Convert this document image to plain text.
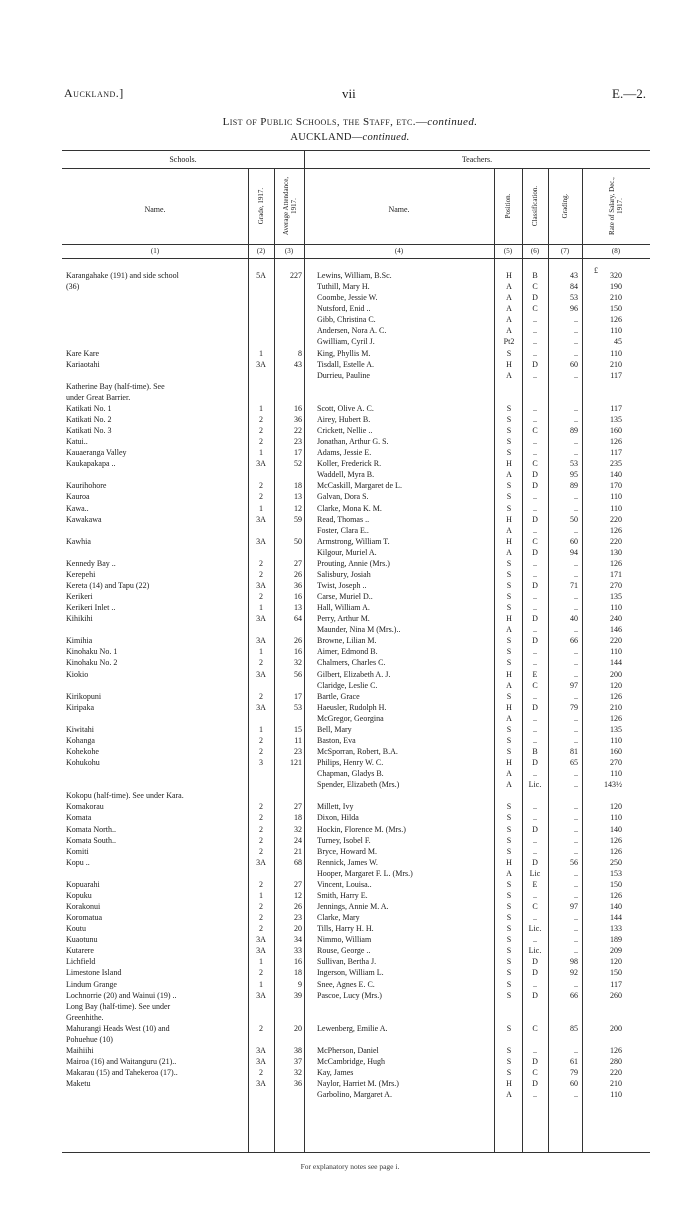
Auckland.]	vii	E.—2.
List of Public Schools, the Staff, etc.—continued.
AUCKLAND—continued.
Schools.	Teachers.
Name.	Grade, 1917. Average Attendance, 1917.	Name.	Position.	Classification.	Grading.	Rate of Salary, Dec., 1917.
(1)	(2)	(3)	(4)	(5)	(6)	(7)	(8)
Karangahake (191) and side school	5A	227 Lewins, William, B.Sc.	H	B	43	320
(36)	Tuthill, Mary H.	A	C	84	190
Coombe, Jessie W.	A	D	53	210
Nutsford, Enid ..	A	C	96	150
Gibb, Christina C.	A	..	..	126
Andersen, Nora A. C.	A	..	..	110
Gwilliam, Cyril J.	Pt2	..	..	45
Kare Kare	1	8 King, Phyllis M.	S	..	..	110
Kariaotahi	3A	43 Tisdall, Estelle A.	H	D	60	210
Durrieu, Pauline	A	..	..	117
Katherine Bay (half-time). See
under Great Barrier.
Katikati No. 1	1	16 Scott, Olive A. C.	S	..	..	117
Katikati No. 2	2	36 Airey, Hubert B.	S	..	..	135
Katikati No. 3	2	22 Crickett, Nellie ..	S	C	89	160
Katui..	2	23 Jonathan, Arthur G. S.	S	..	..	126
Kauaeranga Valley	1	17 Adams, Jessie E.	S	..	..	117
Kaukapakapa ..	3A	52 Koller, Frederick R.	H	C	53	235
Waddell, Myra B.	A	D	95	140
Kaurihohore	2	18 McCaskill, Margaret de L.	S	D	89	170
Kauroa	2	13 Galvan, Dora S.	S	..	..	110
Kawa..	1	12 Clarke, Mona K. M.	S	..	..	110
Kawakawa	3A	59 Read, Thomas ..	H	D	50	220
Foster, Clara E..	A	..	..	126
Kawhia	3A	50 Armstrong, William T.	H	C	60	220
Kilgour, Muriel A.	A	D	94	130
Kennedy Bay ..	2	27 Prouting, Annie (Mrs.)	S	..	..	126
Kerepehi	2	26 Salisbury, Josiah	S	..	..	171
Kereta (14) and Tapu (22)	3A	36 Twist, Joseph ..	S	D	71	270
Kerikeri	2	16 Carse, Muriel D..	S	..	..	135
Kerikeri Inlet ..	1	13 Hall, William A.	S	..	..	110
Kihikihi	3A	64 Perry, Arthur M.	H	D	40	240
Maunder, Nina M (Mrs.)..	A	..	..	146
Kimihia	3A	26 Browne, Lilian M.	S	D	66	220
Kinohaku No. 1	1	16 Aimer, Edmond B.	S	..	..	110
Kinohaku No. 2	2	32 Chalmers, Charles C.	S	..	..	144
Kiokio	3A	56 Gilbert, Elizabeth A. J.	H	E	..	200
Claridge, Leslie C.	A	C	97	120
Kirikopuni	2	17 Bartle, Grace	S	..	..	126
Kiripaka	3A	53 Haeusler, Rudolph H.	H	D	79	210
McGregor, Georgina	A	..	..	126
Kiwitahi	1	15 Bell, Mary	S	..	..	135
Kohanga	2	11 Baston, Eva	S	..	..	110
Kohekohe	2	23 McSporran, Robert, B.A.	S	B	81	160
Kohukohu	3	121 Philips, Henry W. C.	H	D	65	270
Chapman, Gladys B.	A	..	..	110
Spender, Elizabeth (Mrs.)	A	Lic.	..	143½
Kokopu (half-time). See under Kara.
Komakorau	2	27 Millett, Ivy	S	..	..	120
Komata	2	18 Dixon, Hilda	S	..	..	110
Komata North..	2	32 Hockin, Florence M. (Mrs.)	S	D	..	140
Komata South..	2	24 Turney, Isobel F.	S	..	..	126
Komiti	2	21 Bryce, Howard M.	S	..	..	126
Kopu ..	3A	68 Rennick, James W.	H	D	56	250
Hooper, Margaret F. L. (Mrs.)	A	Lic	..	153
Kopuarahi	2	27 Vincent, Louisa..	S	E	..	150
Kopuku	1	12 Smith, Harry E.	S	..	..	126
Korakonui	2	26 Jennings, Annie M. A.	S	C	97	140
Koromatua	2	23 Clarke, Mary	S	..	..	144
Koutu	2	20 Tills, Harry H. H.	S	Lic.	..	133
Kuaotunu	3A	34 Nimmo, William	S	..	..	189
Kutarere	3A	33 Rouse, George ..	S	Lic.	..	209
Lichfield	1	16 Sullivan, Bertha J.	S	D	98	120
Limestone Island	2	18 Ingerson, William L.	S	D	92	150
Lindum Grange	1	9 Snee, Agnes E. C.	S	..	..	117
Lochnorrie (20) and Wainui (19) ..	3A	39 Pascoe, Lucy (Mrs.)	S	D	66	260
Long Bay (half-time). See under
Greenhithe.
Mahurangi Heads West (10) and	2	20 Lewenberg, Emilie A.	S	C	85	200
Pohuehue (10)
Maihiihi	3A	38 McPherson, Daniel	S	..	..	126
Mairoa (16) and Waitanguru (21)..	3A	37 McCambridge, Hugh	S	D	61	280
Makarau (15) and Tahekeroa (17)..	2	32 Kay, James	S	C	79	220
Maketu	3A	36 Naylor, Harriet M. (Mrs.)	H	D	60	210
Garbolino, Margaret A.	A	..	..	110
£
For explanatory notes see page i.
